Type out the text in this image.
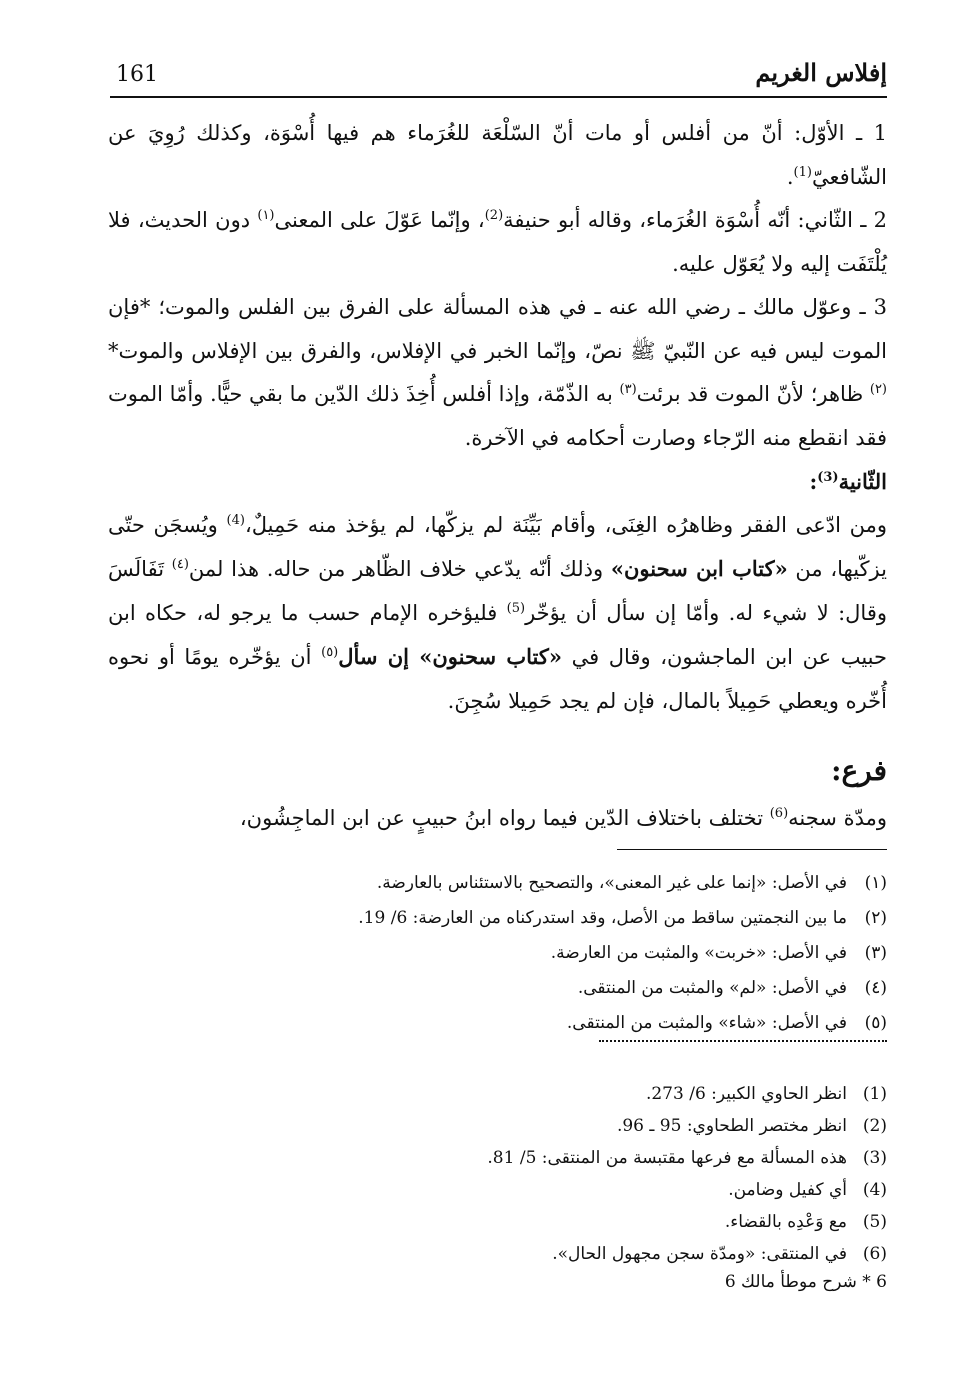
161	إفلاس الغريم

1 ـ الأوّل: أنّ من أفلس أو مات أنّ السّلْعَة للغُرَماء هم فيها أُسْوَة، وكذلك رُوِيَ عن الشّافعيّ$^{(1)}$.

2 ـ الثّاني: أنّه أُسْوَة الغُرَماء، وقاله أبو حنيفة$^{(2)}$، وإنّما عَوّلَ على المعنى$^{(١)}$ دون الحديث، فلا يُلْتَفَت إليه ولا يُعَوّل عليه.

3 ـ وعوّل مالك ـ رضي الله عنه ـ في هذه المسألة على الفرق بين الفلس والموت؛ *فإن الموت ليس فيه عن النّبيّ ﷺ نصّ، وإنّما الخبر في الإفلاس، والفرق بين الإفلاس والموت*$^{(٢)}$ ظاهر؛ لأنّ الموت قد برئت$^{(٣)}$ به الذّمّة، وإذا أفلس أُخِذَ ذلك الدّين ما بقي حيًّا. وأمّا الموت فقد انقطع منه الرّجاء وصارت أحكامه في الآخرة.

الثّانية$^{(3)}$:

ومن ادّعى الفقر وظاهرُه الغِنَى، وأقام بَيِّنَة لم يزكّها، لم يؤخذ منه حَمِيلٌ،$^{(4)}$ ويُسجَن حتّى يزكّيها، من «كتاب ابن سحنون» وذلك أنّه يدّعي خلاف الظّاهر من حاله. هذا لمن$^{(٤)}$ تَفَالَسَ وقال: لا شيء له. وأمّا إن سأل أن يؤخّر$^{(5)}$ فليؤخره الإمام حسب ما يرجو له، حكاه ابن حبيب عن ابن الماجشون، وقال في «كتاب سحنون» إن سأل$^{(٥)}$ أن يؤخّره يومًا أو نحوه أُخّره ويعطي حَمِيلاً بالمال، فإن لم يجد حَمِيلا سُجِنَ.

فرع:

ومدّة سجنه$^{(6)}$ تختلف باختلاف الدّين فيما رواه ابنُ حبيبٍ عن ابن الماجِشُون،

(١)
في الأصل: «إنما على غير المعنى»، والتصحيح بالاستئناس بالعارضة.
(٢)
ما بين النجمتين ساقط من الأصل، وقد استدركناه من العارضة: 6/ 19.
(٣)
في الأصل: «خربت» والمثبت من العارضة.
(٤)
في الأصل: «لم» والمثبت من المنتقى.
(٥)
في الأصل: «شاء» والمثبت من المنتقى.
(1)
انظر الحاوي الكبير: 6/ 273.
(2)
انظر مختصر الطحاوي: 95 ـ 96.
(3)
هذه المسألة مع فرعها مقتبسة من المنتقى: 5/ 81.
(4)
أي كفيل وضامن.
(5)
مع وَعْدِه بالقضاء.
(6)
في المنتقى: «ومدّة سجن مجهول الحال».
6 * شرح موطأ مالك 6
